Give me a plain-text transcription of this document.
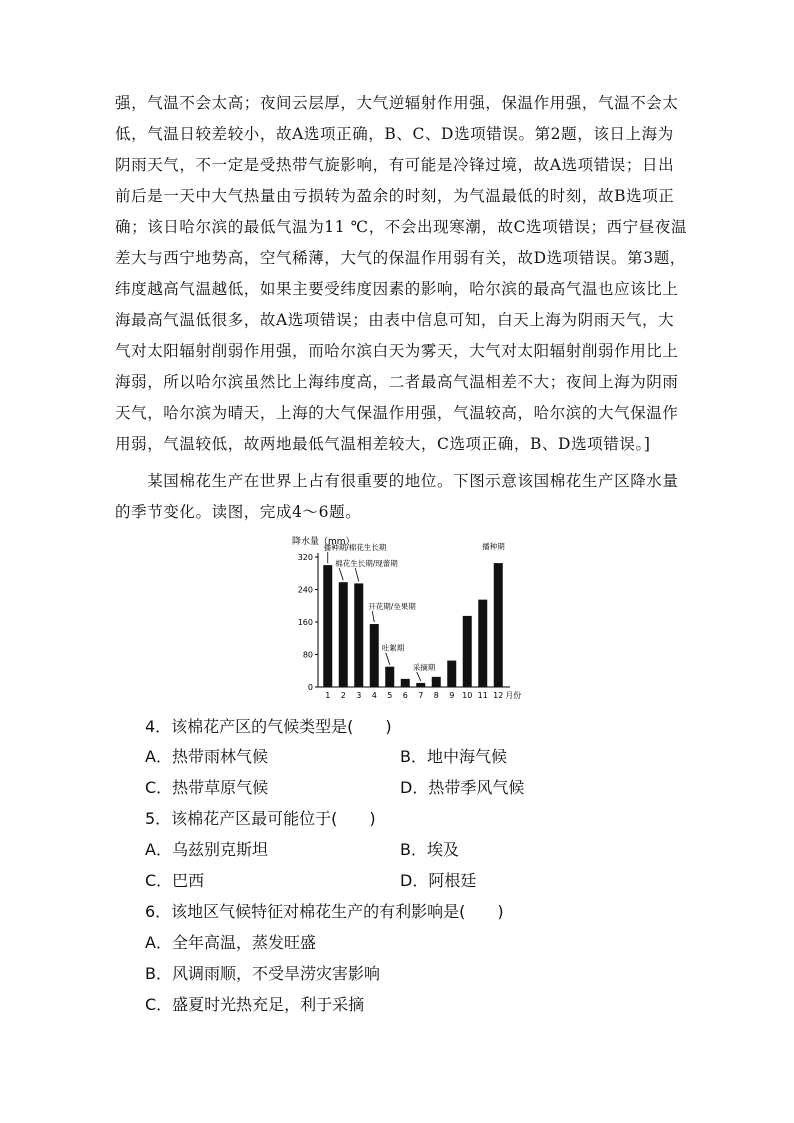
强，气温不会太高；夜间云层厚，大气逆辐射作用强，保温作用强，气温不会太
低，气温日较差较小，故A选项正确，B、C、D选项错误。第2题，该日上海为
阴雨天气，不一定是受热带气旋影响，有可能是冷锋过境，故A选项错误；日出
前后是一天中大气热量由亏损转为盈余的时刻，为气温最低的时刻，故B选项正
确；该日哈尔滨的最低气温为11 ℃，不会出现寒潮，故C选项错误；西宁昼夜温
差大与西宁地势高，空气稀薄，大气的保温作用弱有关，故D选项错误。第3题，
纬度越高气温越低，如果主要受纬度因素的影响，哈尔滨的最高气温也应该比上
海最高气温低很多，故A选项错误；由表中信息可知，白天上海为阴雨天气，大
气对太阳辐射削弱作用强，而哈尔滨白天为雾天，大气对太阳辐射削弱作用比上
海弱，所以哈尔滨虽然比上海纬度高，二者最高气温相差不大；夜间上海为阴雨
天气，哈尔滨为晴天，上海的大气保温作用强，气温较高，哈尔滨的大气保温作
用弱，气温较低，故两地最低气温相差较大，C选项正确，B、D选项错误。]
　　某国棉花生产在世界上占有很重要的地位。下图示意该国棉花生产区降水量
的季节变化。读图，完成4～6题。
降水量（mm）
0
80
160
240
320
1 2 3 4 5 6 7 8 9 10 11 12 月份
播种期/棉花生长期
棉花生长期/现蕾期
开花期/坐果期
吐絮期
采摘期
播种期
4．该棉花产区的气候类型是(　　)
A．热带雨林气候	B．地中海气候
C．热带草原气候	D．热带季风气候
5．该棉花产区最可能位于(　　)
A．乌兹别克斯坦	B．埃及
C．巴西	D．阿根廷
6．该地区气候特征对棉花生产的有利影响是(　　)
A．全年高温，蒸发旺盛
B．风调雨顺，不受旱涝灾害影响
C．盛夏时光热充足，利于采摘
